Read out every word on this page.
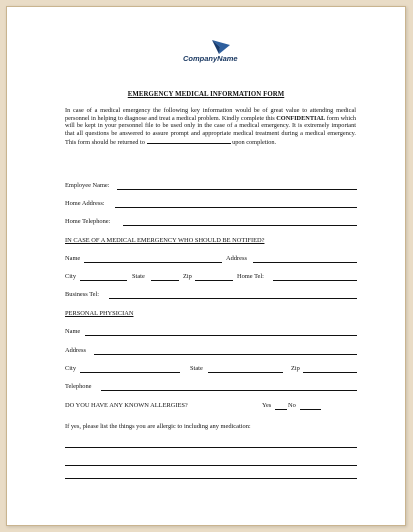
CompanyName
EMERGENCY MEDICAL INFORMATION FORM
In case of a medical emergency the following key information would be of great value to attending medical personnel in helping to diagnose and treat a medical problem. Kindly complete this CONFIDENTIAL form which will be kept in your personnel file to be used only in the case of a medical emergency. It is extremely important that all questions be answered to assure prompt and appropriate medical treatment during a medical emergency. This form should be returned to	upon completion.
Employee Name:
Home Address:
Home Telephone:
IN CASE OF A MEDICAL EMERGENCY WHO SHOULD BE NOTIFIED?
Name	Address
City	State	Zip	Home Tel:
Business Tel:
PERSONAL PHYSICIAN
Name
Address
City	State	Zip
Telephone
DO YOU HAVE ANY KNOWN ALLERGIES?	Yes	No
If yes, please list the things you are allergic to including any medication:
